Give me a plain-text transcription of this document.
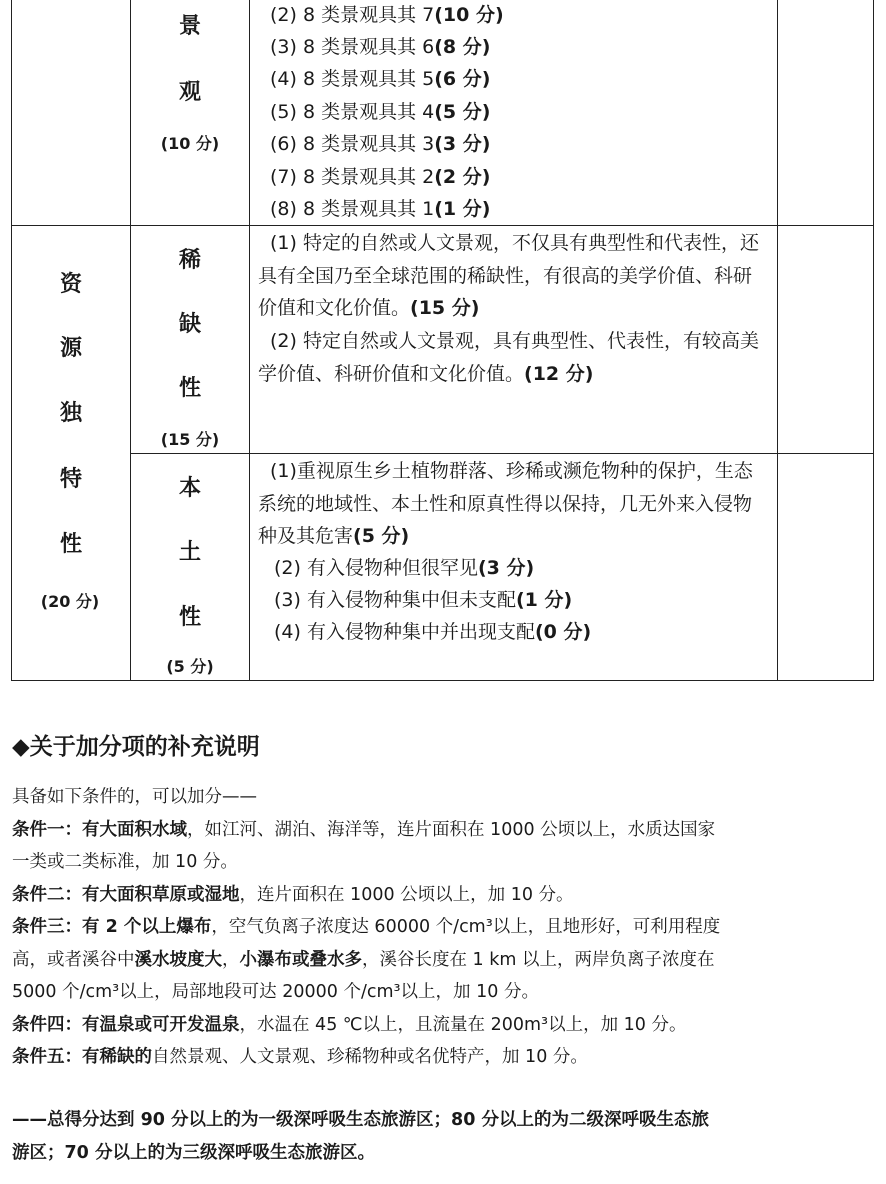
景
观
(10 分)
(2) 8 类景观具其 7(10 分)
(3) 8 类景观具其 6(8 分)
(4) 8 类景观具其 5(6 分)
(5) 8 类景观具其 4(5 分)
(6) 8 类景观具其 3(3 分)
(7) 8 类景观具其 2(2 分)
(8) 8 类景观具其 1(1 分)
资
源
独
特
性
(20 分)
稀
缺
性
(15 分)
(1) 特定的自然或人文景观，不仅具有典型性和代表性，还具有全国乃至全球范围的稀缺性，有很高的美学价值、科研价值和文化价值。(15 分)
(2) 特定自然或人文景观，具有典型性、代表性，有较高美学价值、科研价值和文化价值。(12 分)
本
土
性
(5 分)
(1)重视原生乡土植物群落、珍稀或濒危物种的保护，生态系统的地域性、本土性和原真性得以保持，几无外来入侵物种及其危害(5 分)
(2) 有入侵物种但很罕见(3 分)
(3) 有入侵物种集中但未支配(1 分)
(4) 有入侵物种集中并出现支配(0 分)
◆关于加分项的补充说明
具备如下条件的，可以加分——
条件一：有大面积水域，如江河、湖泊、海洋等，连片面积在 1000 公顷以上，水质达国家
一类或二类标准，加 10 分。
条件二：有大面积草原或湿地，连片面积在 1000 公顷以上，加 10 分。
条件三：有 2 个以上爆布，空气负离子浓度达 60000 个/cm³以上，且地形好，可利用程度
高，或者溪谷中溪水坡度大，小瀑布或叠水多，溪谷长度在 1 km 以上，两岸负离子浓度在
5000 个/cm³以上，局部地段可达 20000 个/cm³以上，加 10 分。
条件四：有温泉或可开发温泉，水温在 45 ℃以上，且流量在 200m³以上，加 10 分。
条件五：有稀缺的自然景观、人文景观、珍稀物种或名优特产，加 10 分。
——总得分达到 90 分以上的为一级深呼吸生态旅游区；80 分以上的为二级深呼吸生态旅
游区；70 分以上的为三级深呼吸生态旅游区。
